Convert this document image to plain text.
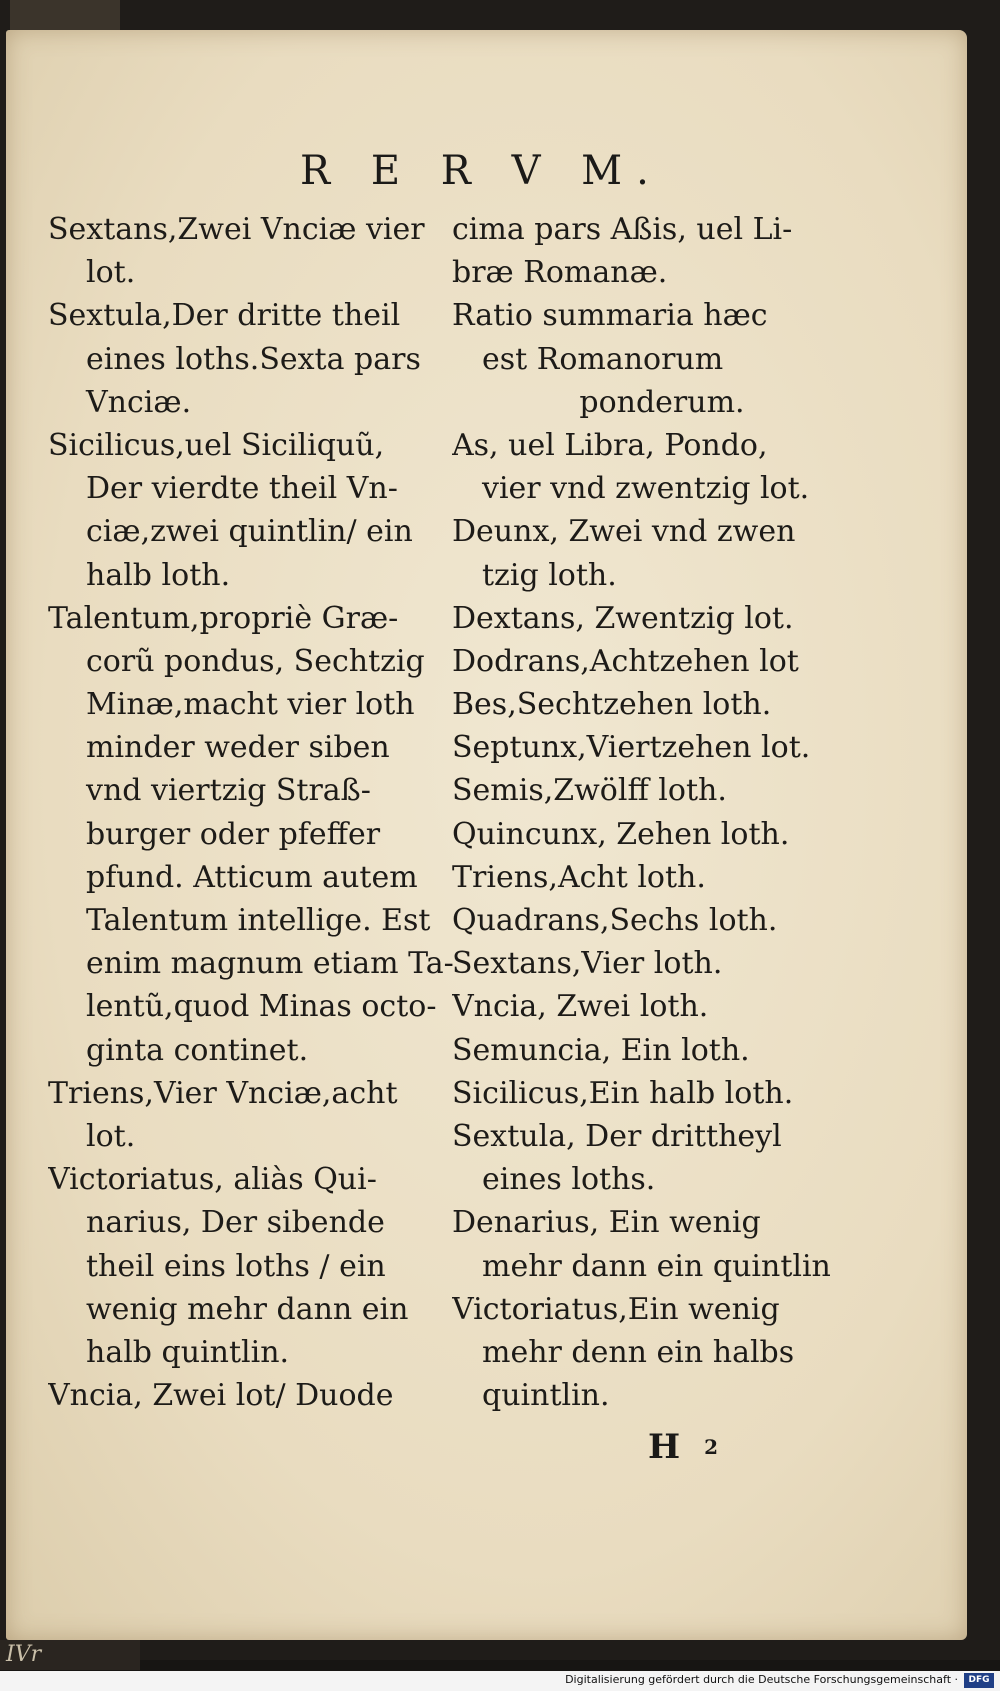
R E R V M.
Sextans,Zwei Vnciæ vier
lot.
Sextula,Der dritte theil
eines loths.Sexta pars
Vnciæ.
Sicilicus,uel Siciliquũ,
Der vierdte theil Vn-
ciæ,zwei quintlin/ ein
halb loth.
Talentum,propriè Græ-
corũ pondus, Sechtzig
Minæ,macht vier loth
minder weder siben
vnd viertzig Straß-
burger oder pfeffer
pfund. Atticum autem
Talentum intellige. Est
enim magnum etiam Ta-
lentũ,quod Minas octo-
ginta continet.
Triens,Vier Vnciæ,acht
lot.
Victoriatus, aliàs Qui-
narius, Der sibende
theil eins loths / ein
wenig mehr dann ein
halb quintlin.
Vncia, Zwei lot/ Duode
cima pars Aßis, uel Li-
bræ Romanæ.
Ratio summaria hæc
est Romanorum
ponderum.
As, uel Libra, Pondo,
vier vnd zwentzig lot.
Deunx, Zwei vnd zwen
tzig loth.
Dextans, Zwentzig lot.
Dodrans,Achtzehen lot
Bes,Sechtzehen loth.
Septunx,Viertzehen lot.
Semis,Zwölff loth.
Quincunx, Zehen loth.
Triens,Acht loth.
Quadrans,Sechs loth.
Sextans,Vier loth.
Vncia, Zwei loth.
Semuncia, Ein loth.
Sicilicus,Ein halb loth.
Sextula, Der drittheyl
eines loths.
Denarius, Ein wenig
mehr dann ein quintlin
Victoriatus,Ein wenig
mehr denn ein halbs
quintlin.
H 2
IVr
Digitalisierung gefördert durch die Deutsche Forschungsgemeinschaft ·	DFG
